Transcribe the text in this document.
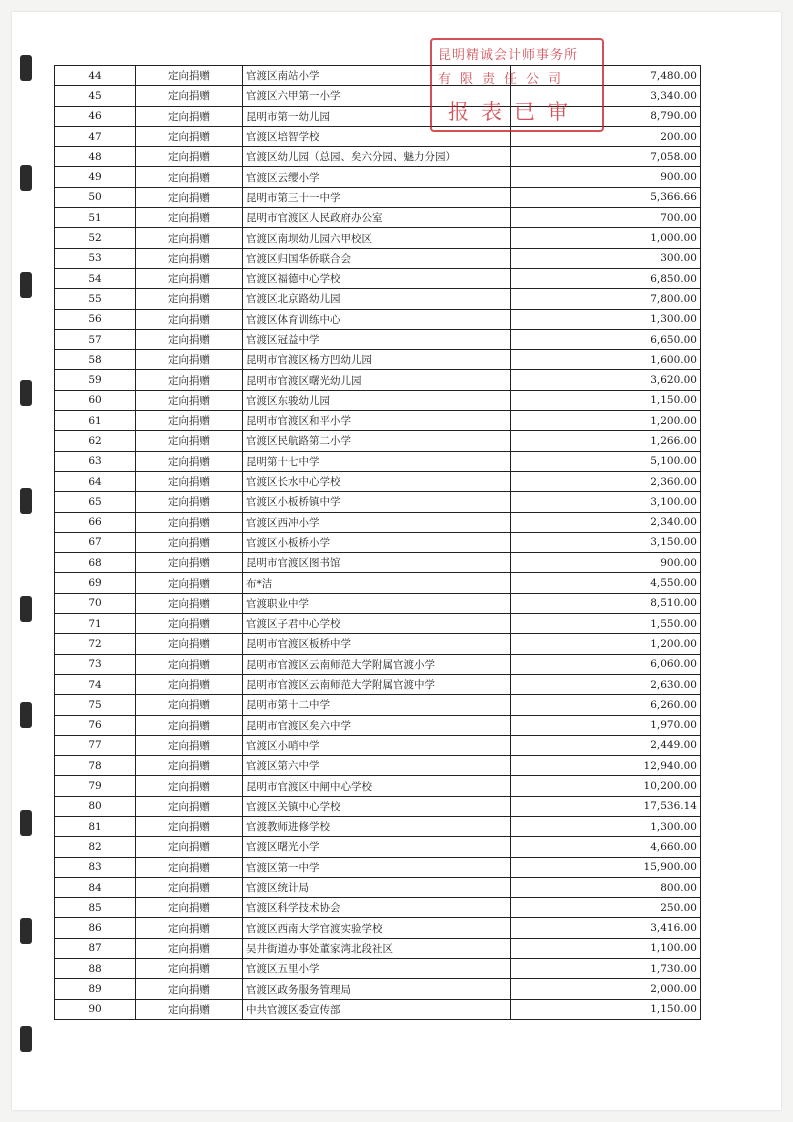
44	定向捐赠	官渡区南站小学	7,480.00
45	定向捐赠	官渡区六甲第一小学	3,340.00
46	定向捐赠	昆明市第一幼儿园	8,790.00
47	定向捐赠	官渡区培智学校	200.00
48	定向捐赠	官渡区幼儿园（总园、矣六分园、魅力分园）	7,058.00
49	定向捐赠	官渡区云缨小学	900.00
50	定向捐赠	昆明市第三十一中学	5,366.66
51	定向捐赠	昆明市官渡区人民政府办公室	700.00
52	定向捐赠	官渡区南坝幼儿园六甲校区	1,000.00
53	定向捐赠	官渡区归国华侨联合会	300.00
54	定向捐赠	官渡区福德中心学校	6,850.00
55	定向捐赠	官渡区北京路幼儿园	7,800.00
56	定向捐赠	官渡区体育训练中心	1,300.00
57	定向捐赠	官渡区冠益中学	6,650.00
58	定向捐赠	昆明市官渡区杨方凹幼儿园	1,600.00
59	定向捐赠	昆明市官渡区曙光幼儿园	3,620.00
60	定向捐赠	官渡区东骏幼儿园	1,150.00
61	定向捐赠	昆明市官渡区和平小学	1,200.00
62	定向捐赠	官渡区民航路第二小学	1,266.00
63	定向捐赠	昆明第十七中学	5,100.00
64	定向捐赠	官渡区长水中心学校	2,360.00
65	定向捐赠	官渡区小板桥镇中学	3,100.00
66	定向捐赠	官渡区西冲小学	2,340.00
67	定向捐赠	官渡区小板桥小学	3,150.00
68	定向捐赠	昆明市官渡区图书馆	900.00
69	定向捐赠	布*洁	4,550.00
70	定向捐赠	官渡职业中学	8,510.00
71	定向捐赠	官渡区子君中心学校	1,550.00
72	定向捐赠	昆明市官渡区板桥中学	1,200.00
73	定向捐赠	昆明市官渡区云南师范大学附属官渡小学	6,060.00
74	定向捐赠	昆明市官渡区云南师范大学附属官渡中学	2,630.00
75	定向捐赠	昆明市第十二中学	6,260.00
76	定向捐赠	昆明市官渡区矣六中学	1,970.00
77	定向捐赠	官渡区小哨中学	2,449.00
78	定向捐赠	官渡区第六中学	12,940.00
79	定向捐赠	昆明市官渡区中闸中心学校	10,200.00
80	定向捐赠	官渡区关镇中心学校	17,536.14
81	定向捐赠	官渡教师进修学校	1,300.00
82	定向捐赠	官渡区曙光小学	4,660.00
83	定向捐赠	官渡区第一中学	15,900.00
84	定向捐赠	官渡区统计局	800.00
85	定向捐赠	官渡区科学技术协会	250.00
86	定向捐赠	官渡区西南大学官渡实验学校	3,416.00
87	定向捐赠	吴井街道办事处董家湾北段社区	1,100.00
88	定向捐赠	官渡区五里小学	1,730.00
89	定向捐赠	官渡区政务服务管理局	2,000.00
90	定向捐赠	中共官渡区委宣传部	1,150.00
昆明精诚会计师事务所
有限责任公司
报表已审
